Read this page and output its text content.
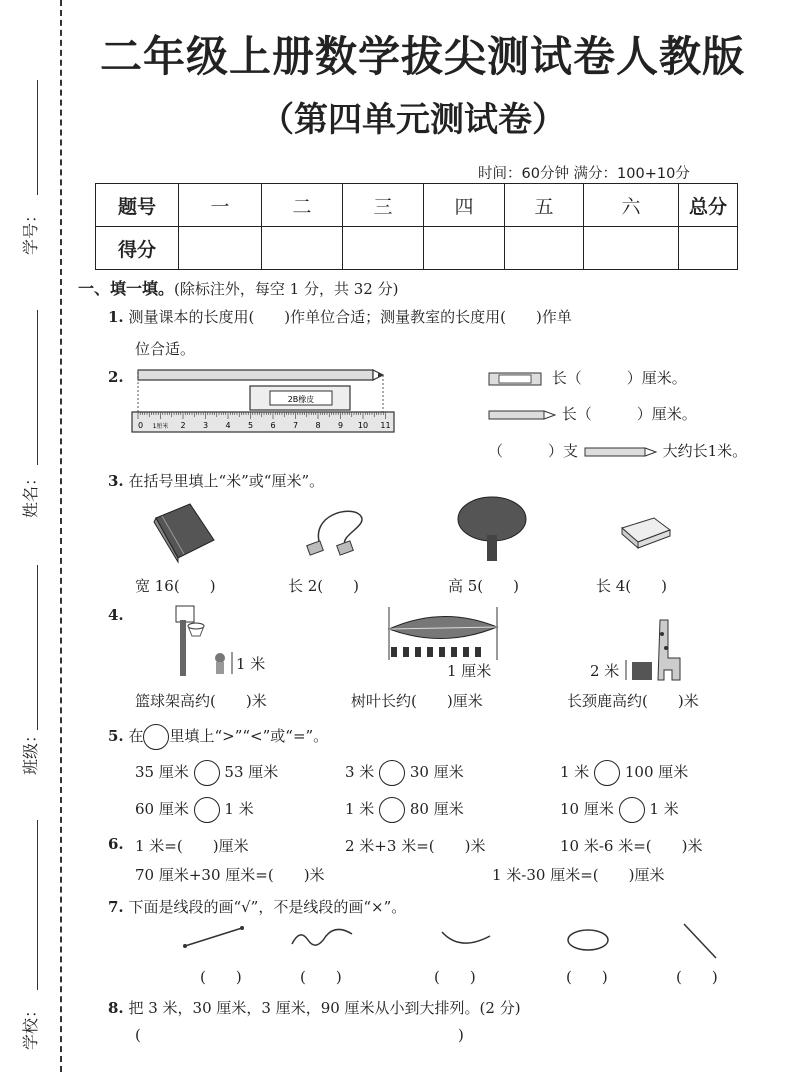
学号：
姓名：
班级：
学校：
二年级上册数学拔尖测试卷人教版
（第四单元测试卷）
时间：60分钟 满分：100+10分
题号	一	二	三	四	五	六	总分
得分							
一、填一填。(除标注外，每空 1 分，共 32 分)
1. 测量课本的长度用(　　)作单位合适；测量教室的长度用(　　)作单
位合适。
2.
2B橡皮
0 1厘米 2 3 4 5 6 7 8 9 10 11
长（　　　）厘米。
长（　　　）厘米。
（　　　）支	大约长1米。
3. 在括号里填上“米”或“厘米”。
宽 16(　　)	长 2(　　)	高 5(　　)	长 4(　　)
4.
1 米	1 厘米	2 米
篮球架高约(　　)米	树叶长约(　　)厘米	长颈鹿高约(　　)米
5. 在 里填上“>”“<”或“=”。
35 厘米 53 厘米	3 米 30 厘米	1 米 100 厘米
60 厘米 1 米	1 米 80 厘米	10 厘米 1 米
6. 1 米=(　　)厘米	2 米+3 米=(　　)米	10 米-6 米=(　　)米
70 厘米+30 厘米=(　　)米	1 米-30 厘米=(　　)厘米
7. 下面是线段的画“√”，不是线段的画“×”。
(　　)	(　　)	(　　)	(　　)	(　　)
8. 把 3 米，30 厘米，3 厘米，90 厘米从小到大排列。(2 分)
(	)
